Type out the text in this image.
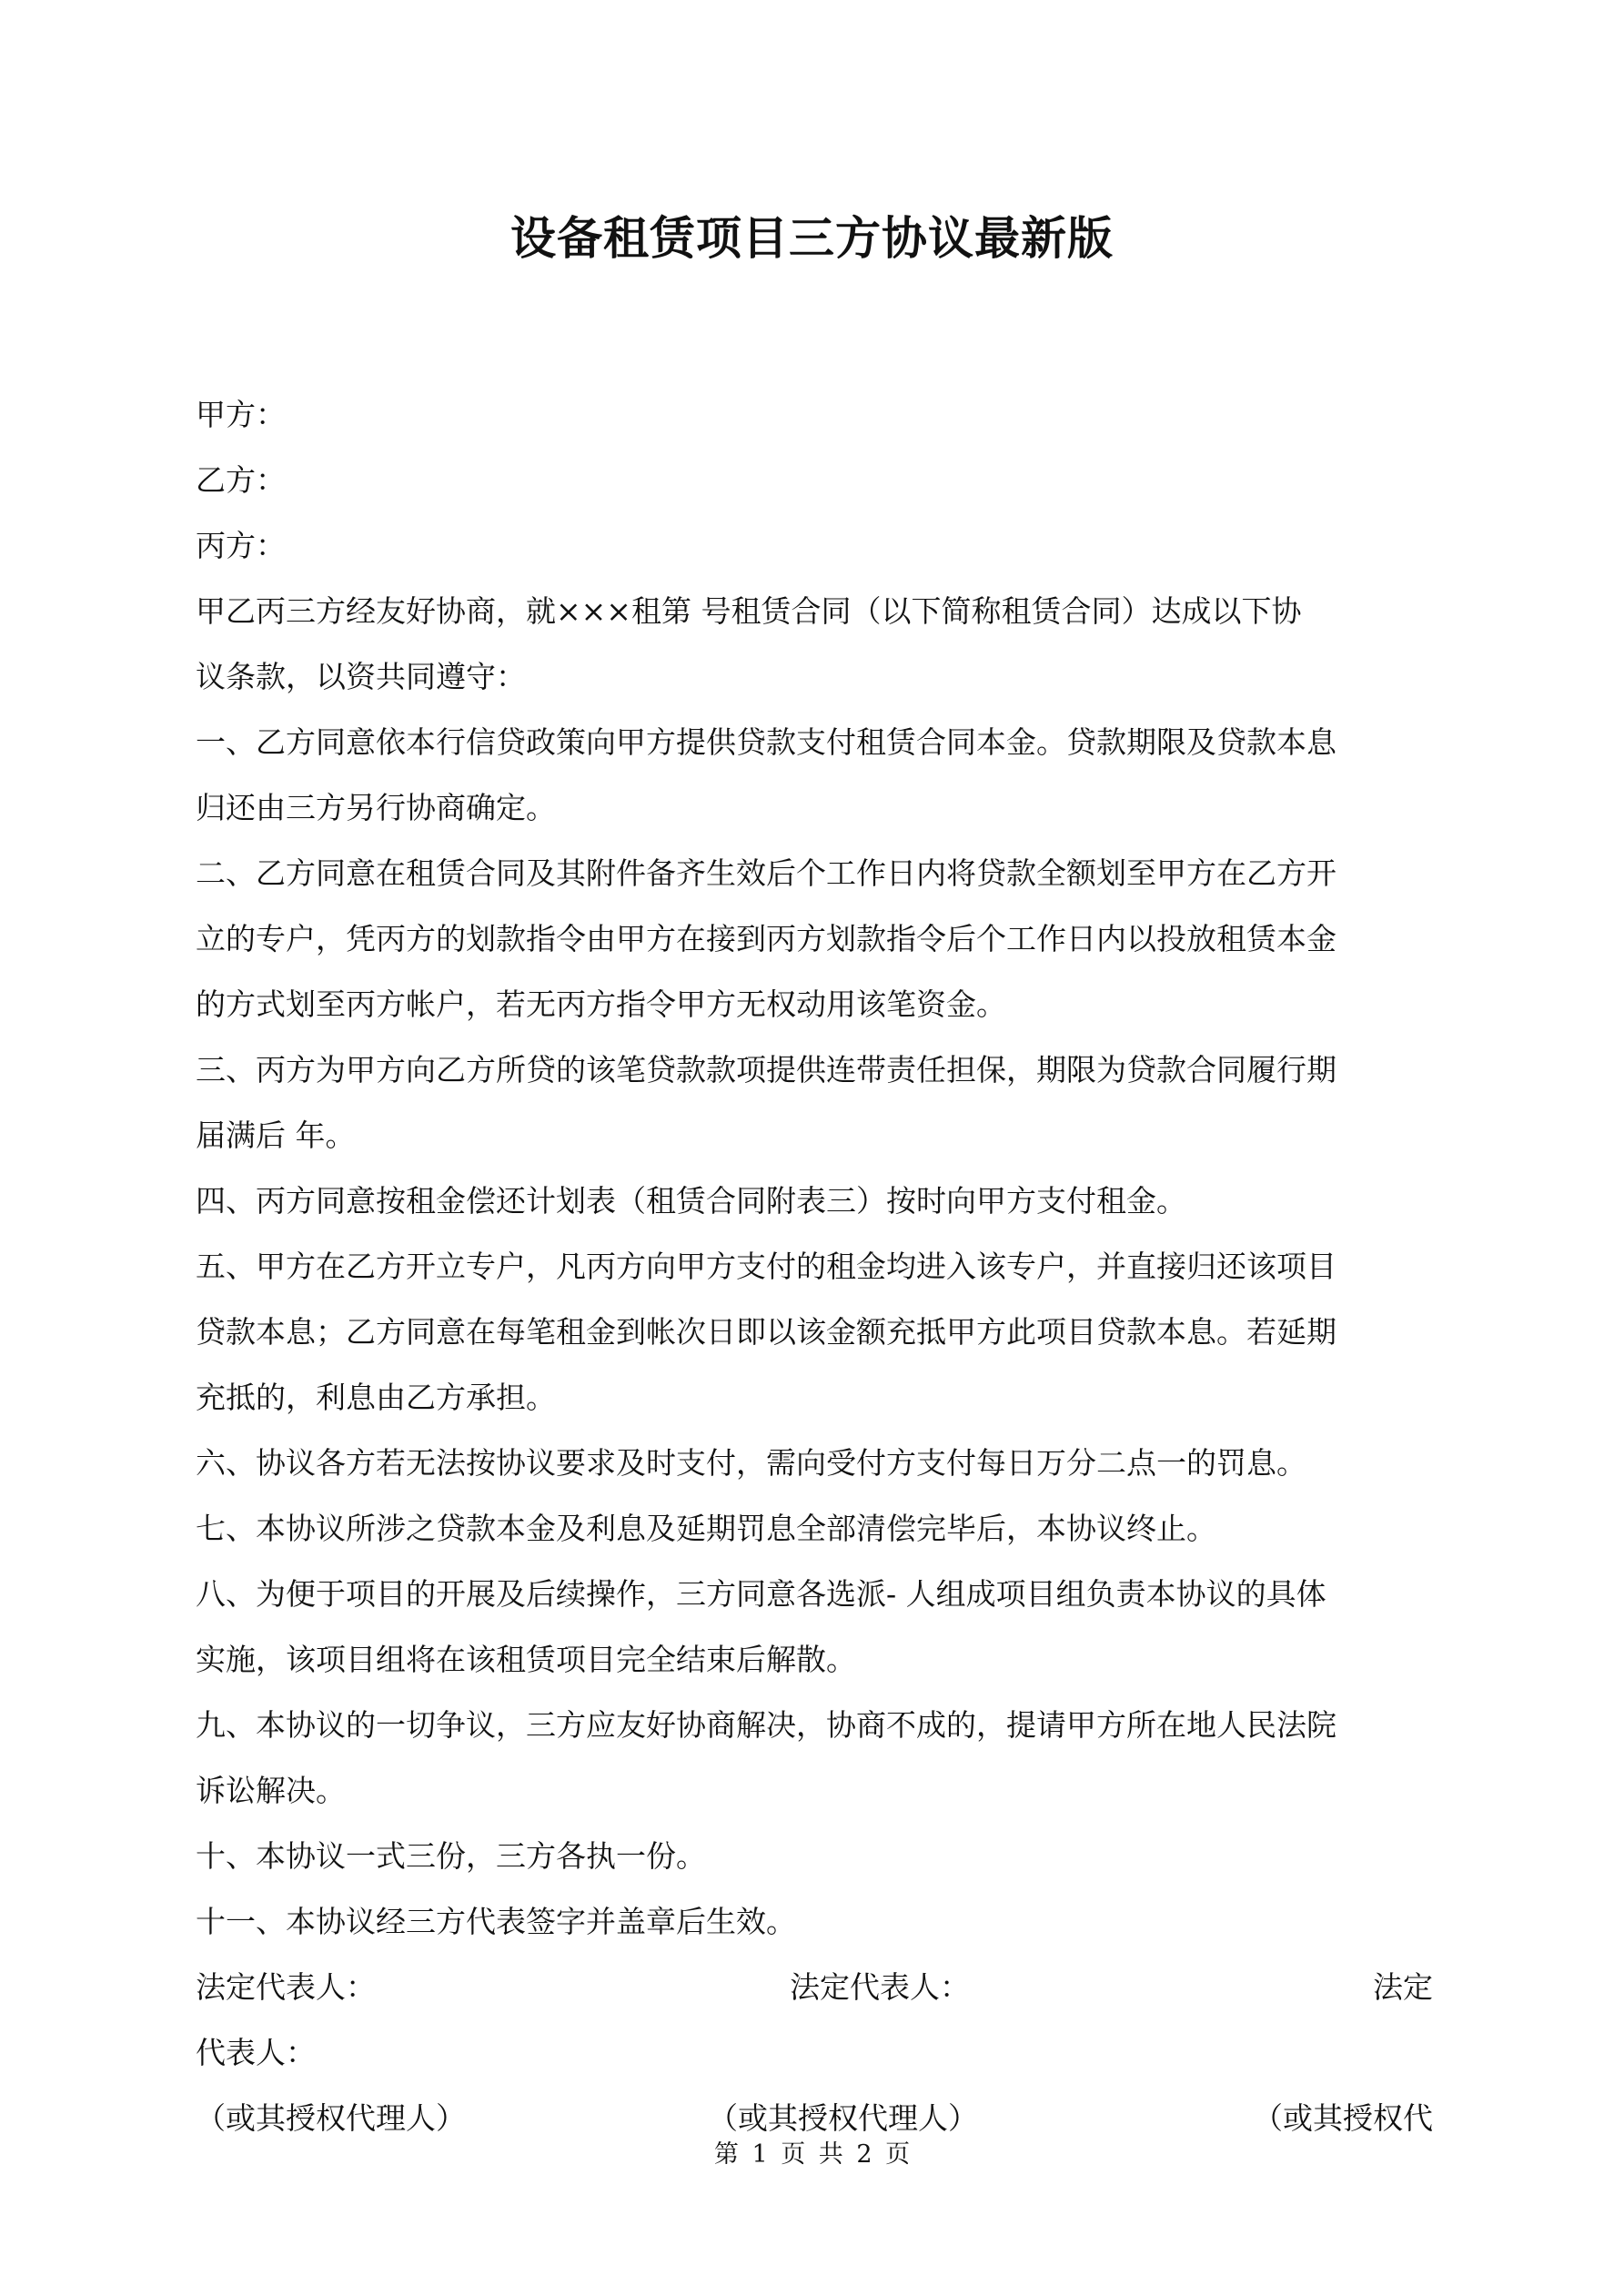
设备租赁项目三方协议最新版
甲方：
乙方：
丙方：
甲乙丙三方经友好协商，就×××租第 号租赁合同（以下简称租赁合同）达成以下协
议条款，以资共同遵守：
一、乙方同意依本行信贷政策向甲方提供贷款支付租赁合同本金。贷款期限及贷款本息
归还由三方另行协商确定。
二、乙方同意在租赁合同及其附件备齐生效后个工作日内将贷款全额划至甲方在乙方开
立的专户，凭丙方的划款指令由甲方在接到丙方划款指令后个工作日内以投放租赁本金
的方式划至丙方帐户，若无丙方指令甲方无权动用该笔资金。
三、丙方为甲方向乙方所贷的该笔贷款款项提供连带责任担保，期限为贷款合同履行期
届满后 年。
四、丙方同意按租金偿还计划表（租赁合同附表三）按时向甲方支付租金。
五、甲方在乙方开立专户，凡丙方向甲方支付的租金均进入该专户，并直接归还该项目
贷款本息；乙方同意在每笔租金到帐次日即以该金额充抵甲方此项目贷款本息。若延期
充抵的，利息由乙方承担。
六、协议各方若无法按协议要求及时支付，需向受付方支付每日万分二点一的罚息。
七、本协议所涉之贷款本金及利息及延期罚息全部清偿完毕后，本协议终止。
八、为便于项目的开展及后续操作，三方同意各选派- 人组成项目组负责本协议的具体
实施，该项目组将在该租赁项目完全结束后解散。
九、本协议的一切争议，三方应友好协商解决，协商不成的，提请甲方所在地人民法院
诉讼解决。
十、本协议一式三份，三方各执一份。
十一、本协议经三方代表签字并盖章后生效。
法定代表人：	法定代表人：	法定
代表人：
（或其授权代理人）	（或其授权代理人）	（或其授权代
第 1 页 共 2 页
